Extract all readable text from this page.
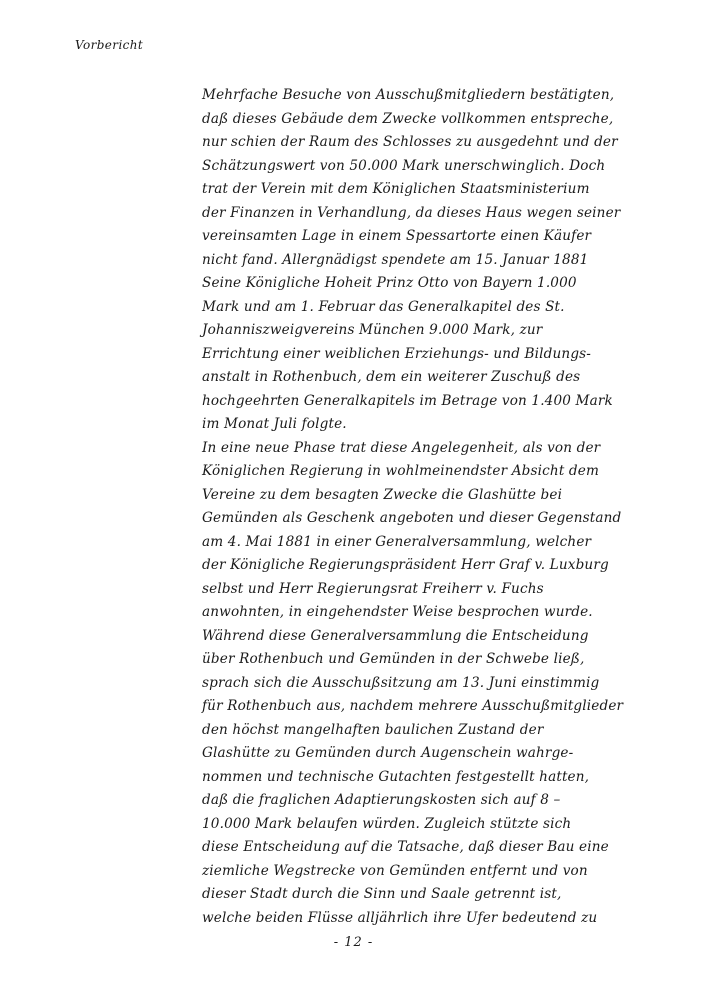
Vorbericht
Mehrfache Besuche von Ausschußmitgliedern bestätigten,
daß dieses Gebäude dem Zwecke vollkommen entspreche,
nur schien der Raum des Schlosses zu ausgedehnt und der
Schätzungswert von 50.000 Mark unerschwinglich. Doch
trat der Verein mit dem Königlichen Staatsministerium
der Finanzen in Verhandlung, da dieses Haus wegen seiner
vereinsamten Lage in einem Spessartorte einen Käufer
nicht fand. Allergnädigst spendete am 15. Januar 1881
Seine Königliche Hoheit Prinz Otto von Bayern 1.000
Mark und am 1. Februar das Generalkapitel des St.
Johanniszweigvereins München 9.000 Mark, zur
Errichtung einer weiblichen Erziehungs- und Bildungs-
anstalt in Rothenbuch, dem ein weiterer Zuschuß des
hochgeehrten Generalkapitels im Betrage von 1.400 Mark
im Monat Juli folgte.
In eine neue Phase trat diese Angelegenheit, als von der
Königlichen Regierung in wohlmeinendster Absicht dem
Vereine zu dem besagten Zwecke die Glashütte bei
Gemünden als Geschenk angeboten und dieser Gegenstand
am 4. Mai 1881 in einer Generalversammlung, welcher
der Königliche Regierungspräsident Herr Graf v. Luxburg
selbst und Herr Regierungsrat Freiherr v. Fuchs
anwohnten, in eingehendster Weise besprochen wurde.
Während diese Generalversammlung die Entscheidung
über Rothenbuch und Gemünden in der Schwebe ließ,
sprach sich die Ausschußsitzung am 13. Juni einstimmig
für Rothenbuch aus, nachdem mehrere Ausschußmitglieder
den höchst mangelhaften baulichen Zustand der
Glashütte zu Gemünden durch Augenschein wahrge-
nommen und technische Gutachten festgestellt hatten,
daß die fraglichen Adaptierungskosten sich auf 8 –
10.000 Mark belaufen würden. Zugleich stützte sich
diese Entscheidung auf die Tatsache, daß dieser Bau eine
ziemliche Wegstrecke von Gemünden entfernt und von
dieser Stadt durch die Sinn und Saale getrennt ist,
welche beiden Flüsse alljährlich ihre Ufer bedeutend zu
- 12 -
